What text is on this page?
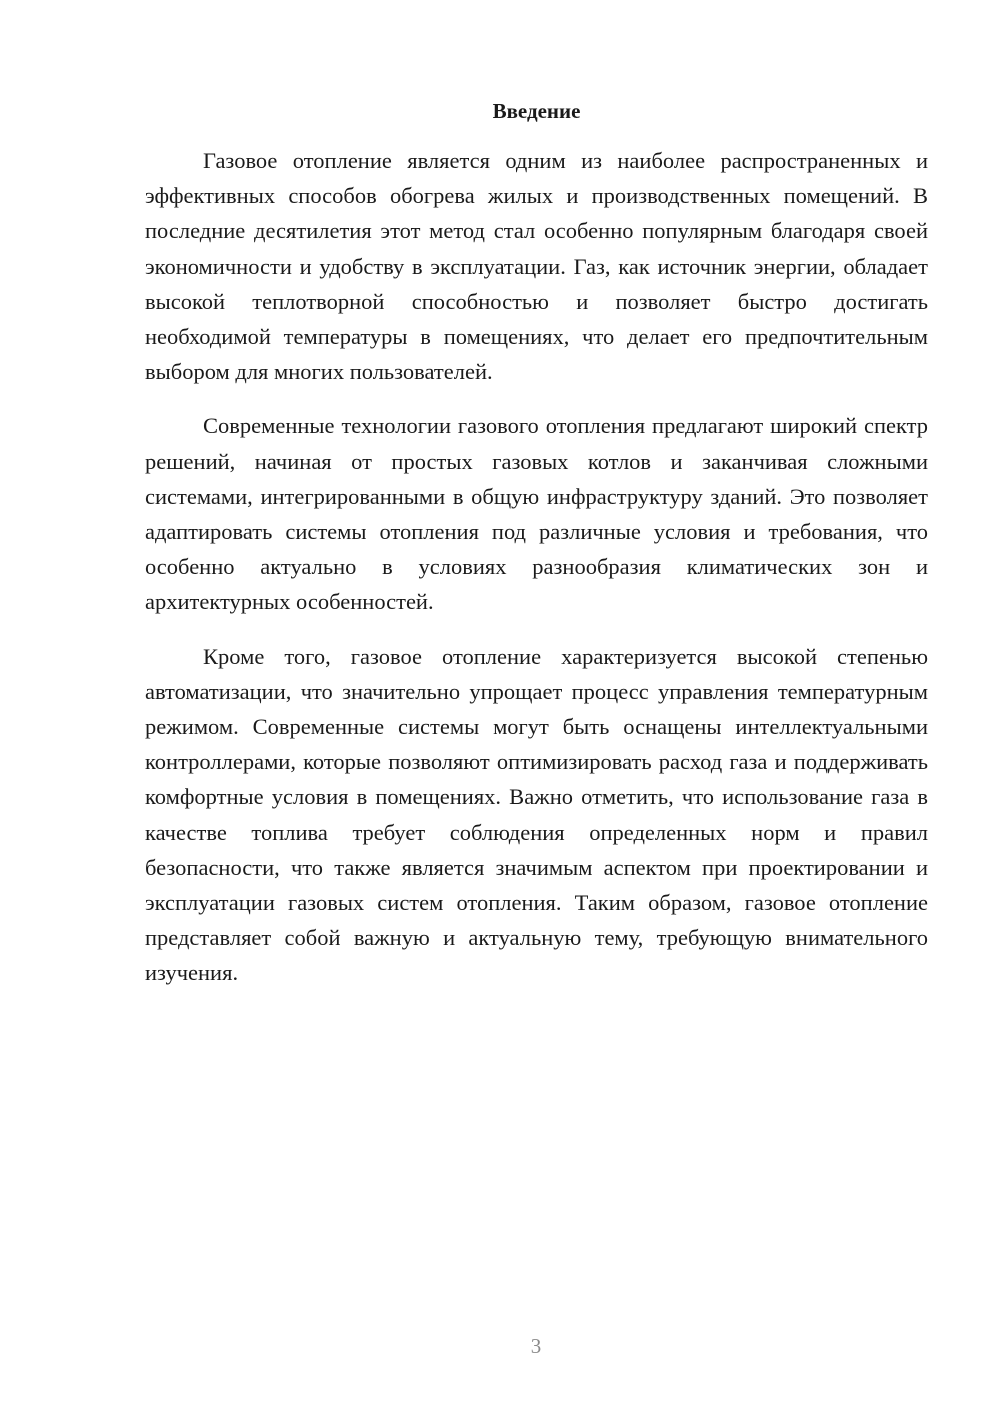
Введение

Газовое отопление является одним из наиболее распространенных и эффективных способов обогрева жилых и производственных помещений. В последние десятилетия этот метод стал особенно популярным благодаря своей экономичности и удобству в эксплуатации. Газ, как источник энергии, обладает высокой теплотворной способностью и позволяет быстро достигать необходимой температуры в помещениях, что делает его предпочтительным выбором для многих пользователей.

Современные технологии газового отопления предлагают широкий спектр решений, начиная от простых газовых котлов и заканчивая сложными системами, интегрированными в общую инфраструктуру зданий. Это позволяет адаптировать системы отопления под различные условия и требования, что особенно актуально в условиях разнообразия климатических зон и архитектурных особенностей.

Кроме того, газовое отопление характеризуется высокой степенью автоматизации, что значительно упрощает процесс управления температурным режимом. Современные системы могут быть оснащены интеллектуальными контроллерами, которые позволяют оптимизировать расход газа и поддерживать комфортные условия в помещениях. Важно отметить, что использование газа в качестве топлива требует соблюдения определенных норм и правил безопасности, что также является значимым аспектом при проектировании и эксплуатации газовых систем отопления. Таким образом, газовое отопление представляет собой важную и актуальную тему, требующую внимательного изучения.

3
